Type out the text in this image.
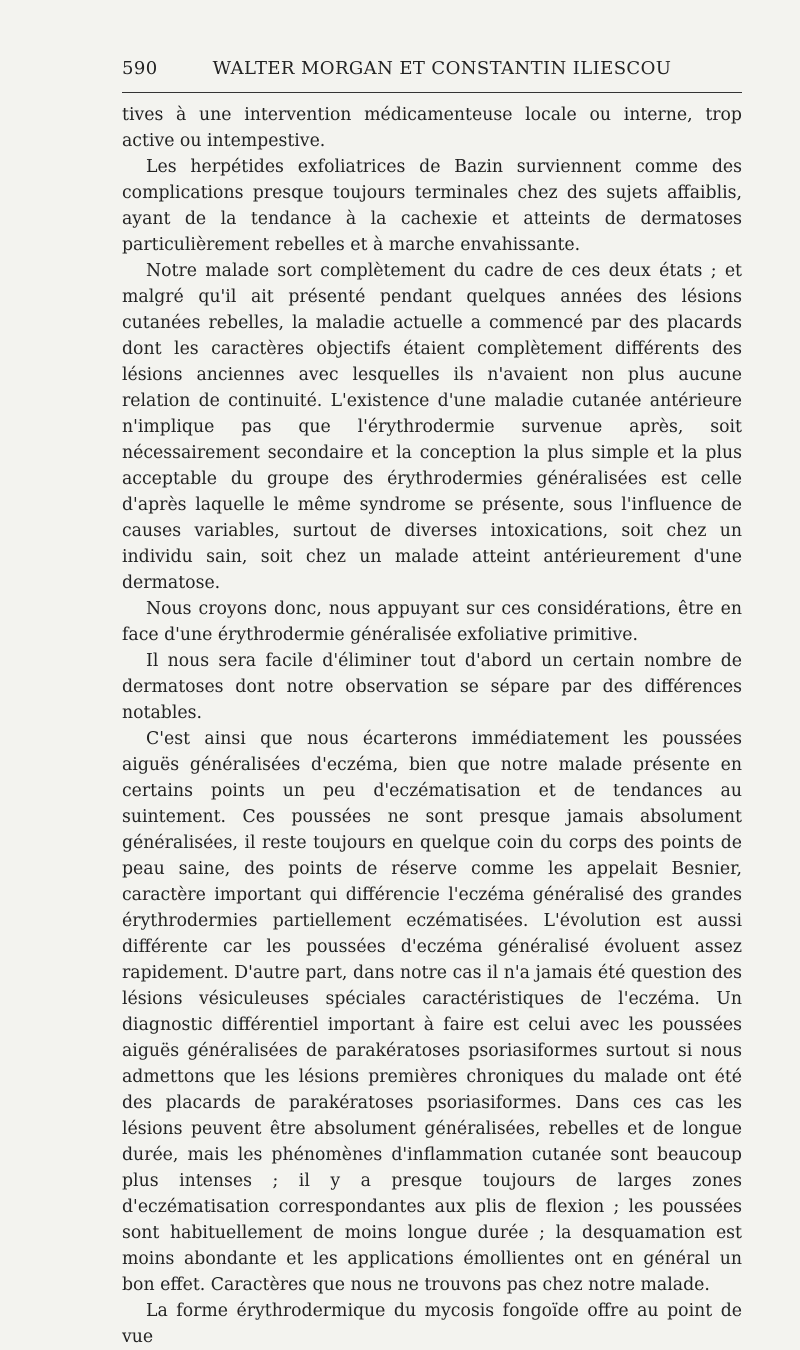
590	WALTER MORGAN ET CONSTANTIN ILIESCOU

tives à une intervention médicamenteuse locale ou interne, trop active ou intempestive.

Les herpétides exfoliatrices de Bazin surviennent comme des complications presque toujours terminales chez des sujets affaiblis, ayant de la tendance à la cachexie et atteints de dermatoses particulièrement rebelles et à marche envahissante.

Notre malade sort complètement du cadre de ces deux états ; et malgré qu'il ait présenté pendant quelques années des lésions cutanées rebelles, la maladie actuelle a commencé par des placards dont les caractères objectifs étaient complètement différents des lésions anciennes avec lesquelles ils n'avaient non plus aucune relation de continuité. L'existence d'une maladie cutanée antérieure n'implique pas que l'érythrodermie survenue après, soit nécessairement secondaire et la conception la plus simple et la plus acceptable du groupe des érythrodermies généralisées est celle d'après laquelle le même syndrome se présente, sous l'influence de causes variables, surtout de diverses intoxications, soit chez un individu sain, soit chez un malade atteint antérieurement d'une dermatose.

Nous croyons donc, nous appuyant sur ces considérations, être en face d'une érythrodermie généralisée exfoliative primitive.

Il nous sera facile d'éliminer tout d'abord un certain nombre de dermatoses dont notre observation se sépare par des différences notables.

C'est ainsi que nous écarterons immédiatement les poussées aiguës généralisées d'eczéma, bien que notre malade présente en certains points un peu d'eczématisation et de tendances au suintement. Ces poussées ne sont presque jamais absolument généralisées, il reste toujours en quelque coin du corps des points de peau saine, des points de réserve comme les appelait Besnier, caractère important qui différencie l'eczéma généralisé des grandes érythrodermies partiellement eczématisées. L'évolution est aussi différente car les poussées d'eczéma généralisé évoluent assez rapidement. D'autre part, dans notre cas il n'a jamais été question des lésions vésiculeuses spéciales caractéristiques de l'eczéma. Un diagnostic différentiel important à faire est celui avec les poussées aiguës généralisées de parakératoses psoriasiformes surtout si nous admettons que les lésions premières chroniques du malade ont été des placards de parakératoses psoriasiformes. Dans ces cas les lésions peuvent être absolument généralisées, rebelles et de longue durée, mais les phénomènes d'inflammation cutanée sont beaucoup plus intenses ; il y a presque toujours de larges zones d'eczématisation correspondantes aux plis de flexion ; les poussées sont habituellement de moins longue durée ; la desquamation est moins abondante et les applications émollientes ont en général un bon effet. Caractères que nous ne trouvons pas chez notre malade.

La forme érythrodermique du mycosis fongoïde offre au point de vue
